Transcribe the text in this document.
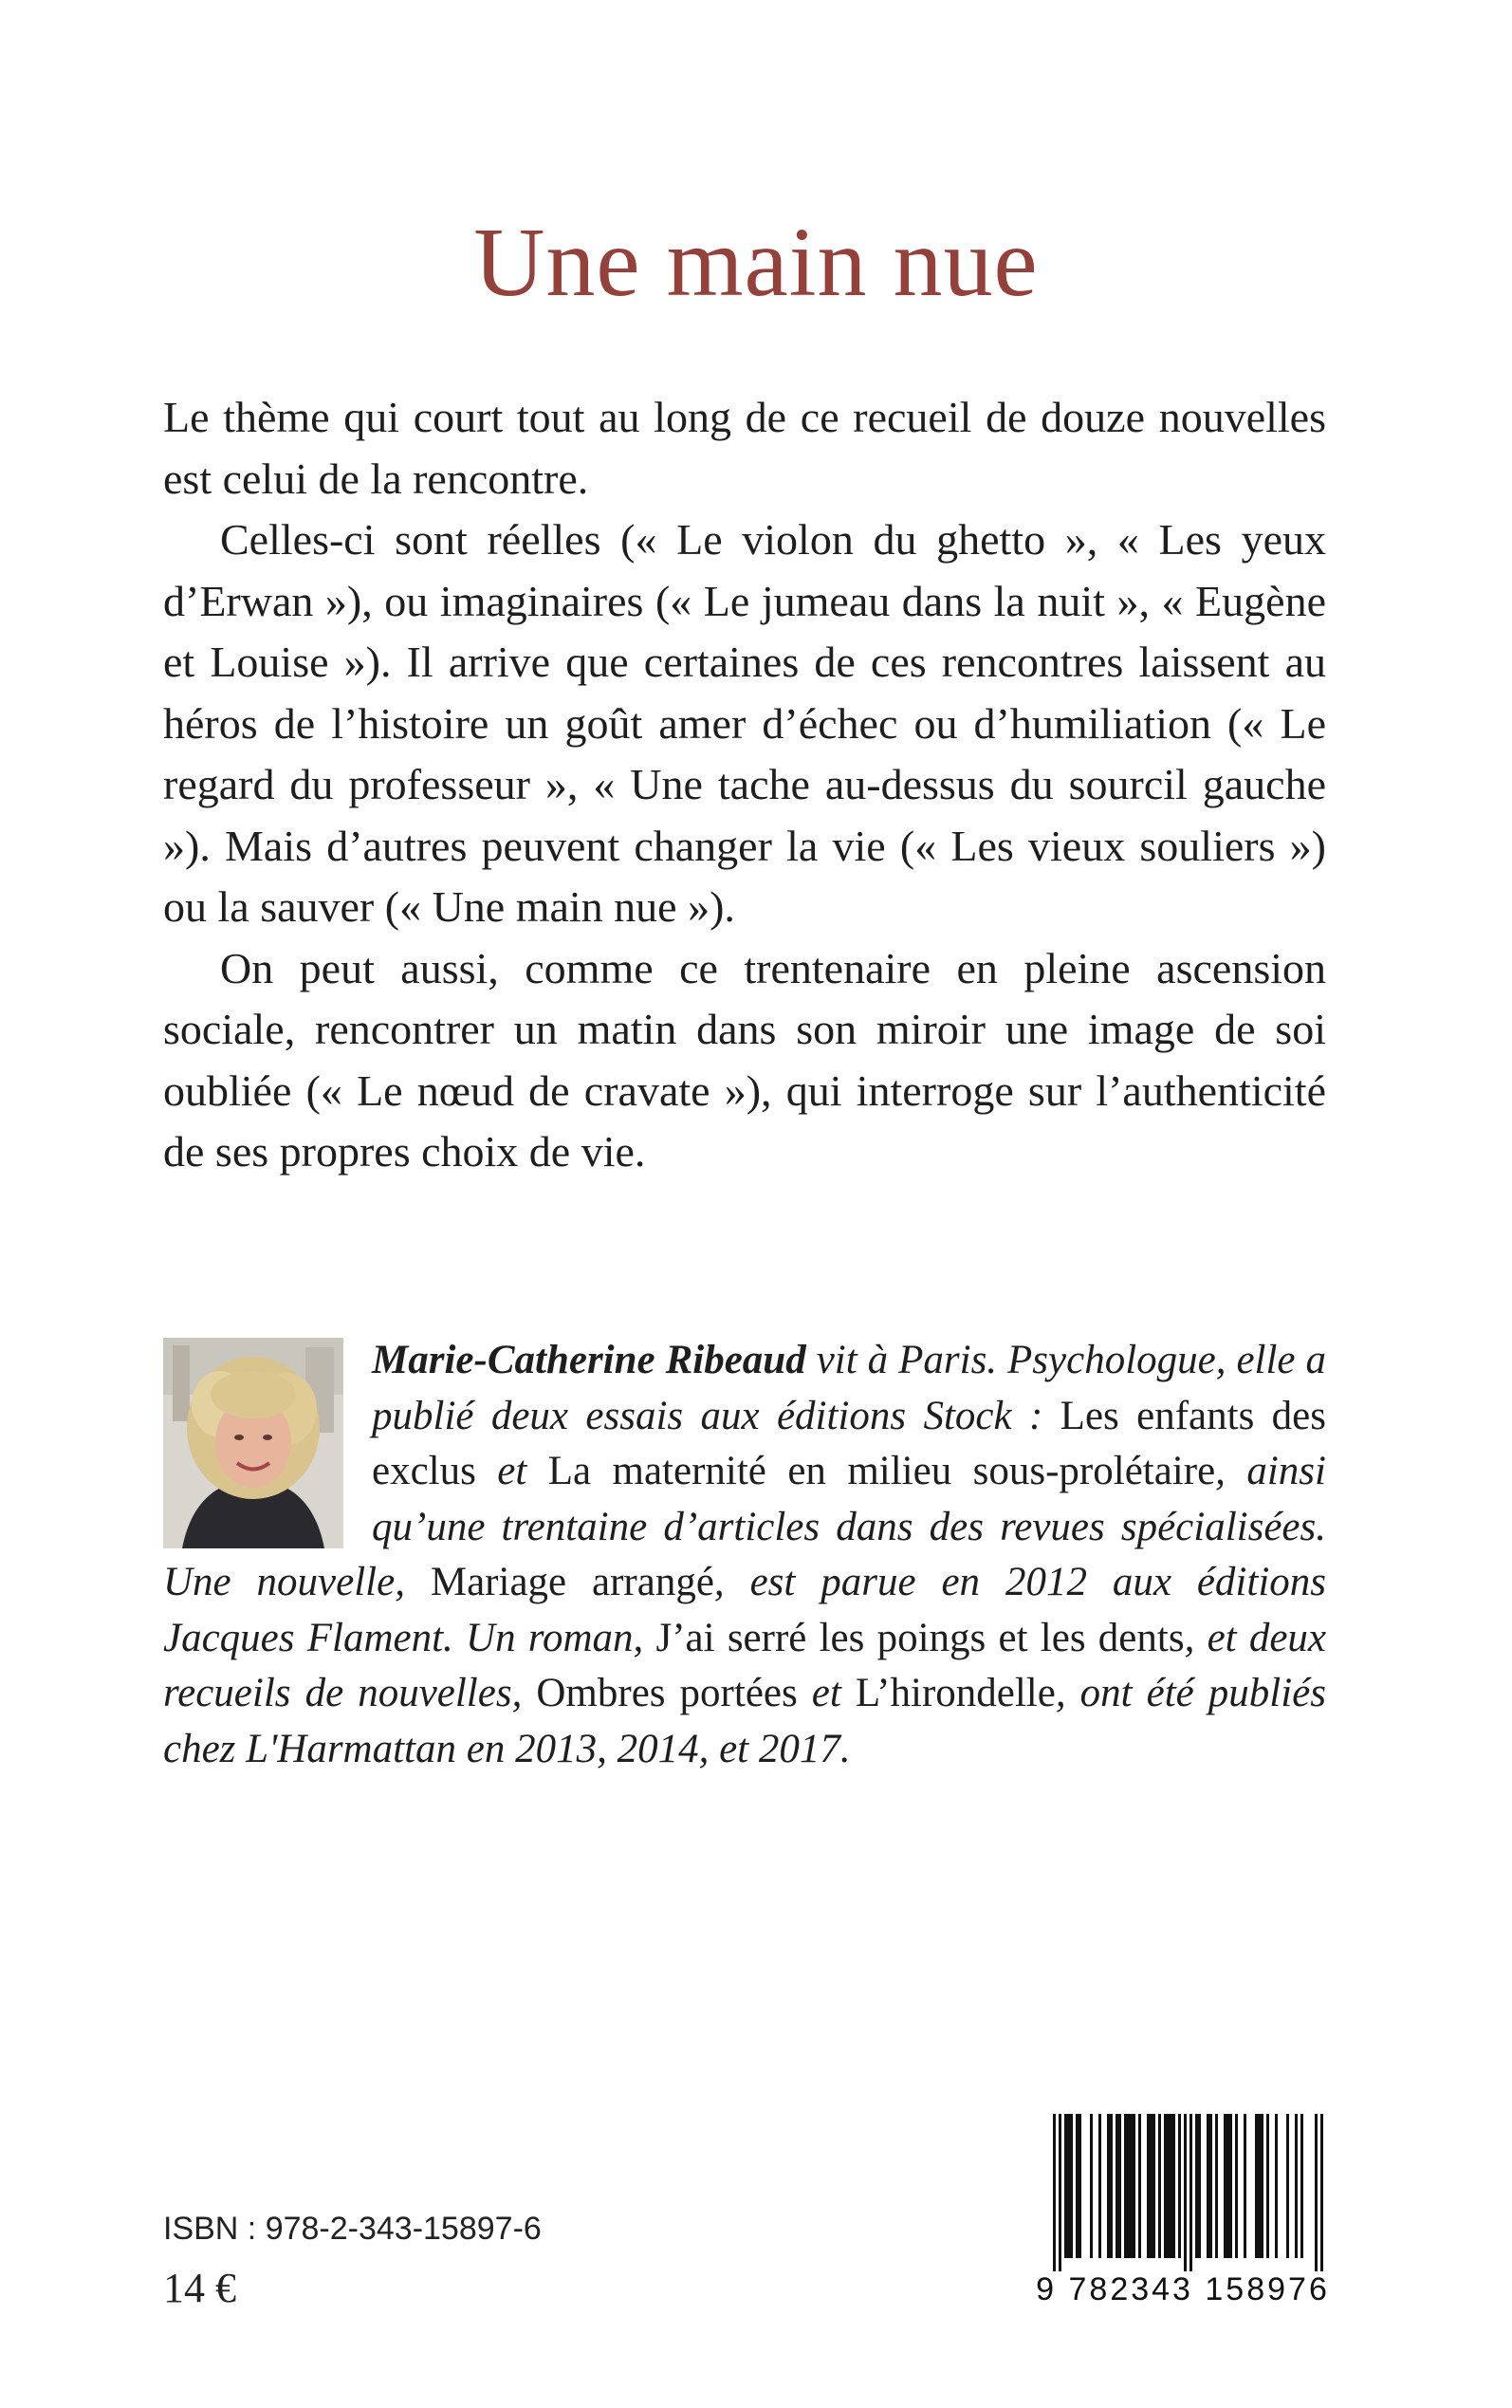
Une main nue

Le thème qui court tout au long de ce recueil de douze nouvelles est celui de la rencontre.

Celles-ci sont réelles (« Le violon du ghetto », « Les yeux d’Erwan »), ou imaginaires (« Le jumeau dans la nuit », « Eugène et Louise »). Il arrive que certaines de ces rencontres laissent au héros de l’histoire un goût amer d’échec ou d’humiliation (« Le regard du professeur », « Une tache au-dessus du sourcil gauche »). Mais d’autres peuvent changer la vie (« Les vieux souliers ») ou la sauver (« Une main nue »).

On peut aussi, comme ce trentenaire en pleine ascension sociale, rencontrer un matin dans son miroir une image de soi oubliée (« Le nœud de cravate »), qui interroge sur l’authenticité de ses propres choix de vie.

Marie-Catherine Ribeaud vit à Paris. Psychologue, elle a publié deux essais aux éditions Stock : Les enfants des exclus et La maternité en milieu sous-prolétaire, ainsi qu’une trentaine d’articles dans des revues spécialisées. Une nouvelle, Mariage arrangé, est parue en 2012 aux éditions Jacques Flament. Un roman, J’ai serré les poings et les dents, et deux recueils de nouvelles, Ombres portées et L’hirondelle, ont été publiés chez L'Harmattan en 2013, 2014, et 2017.
ISBN : 978-2-343-15897-6
14 €	9 782343 158976
